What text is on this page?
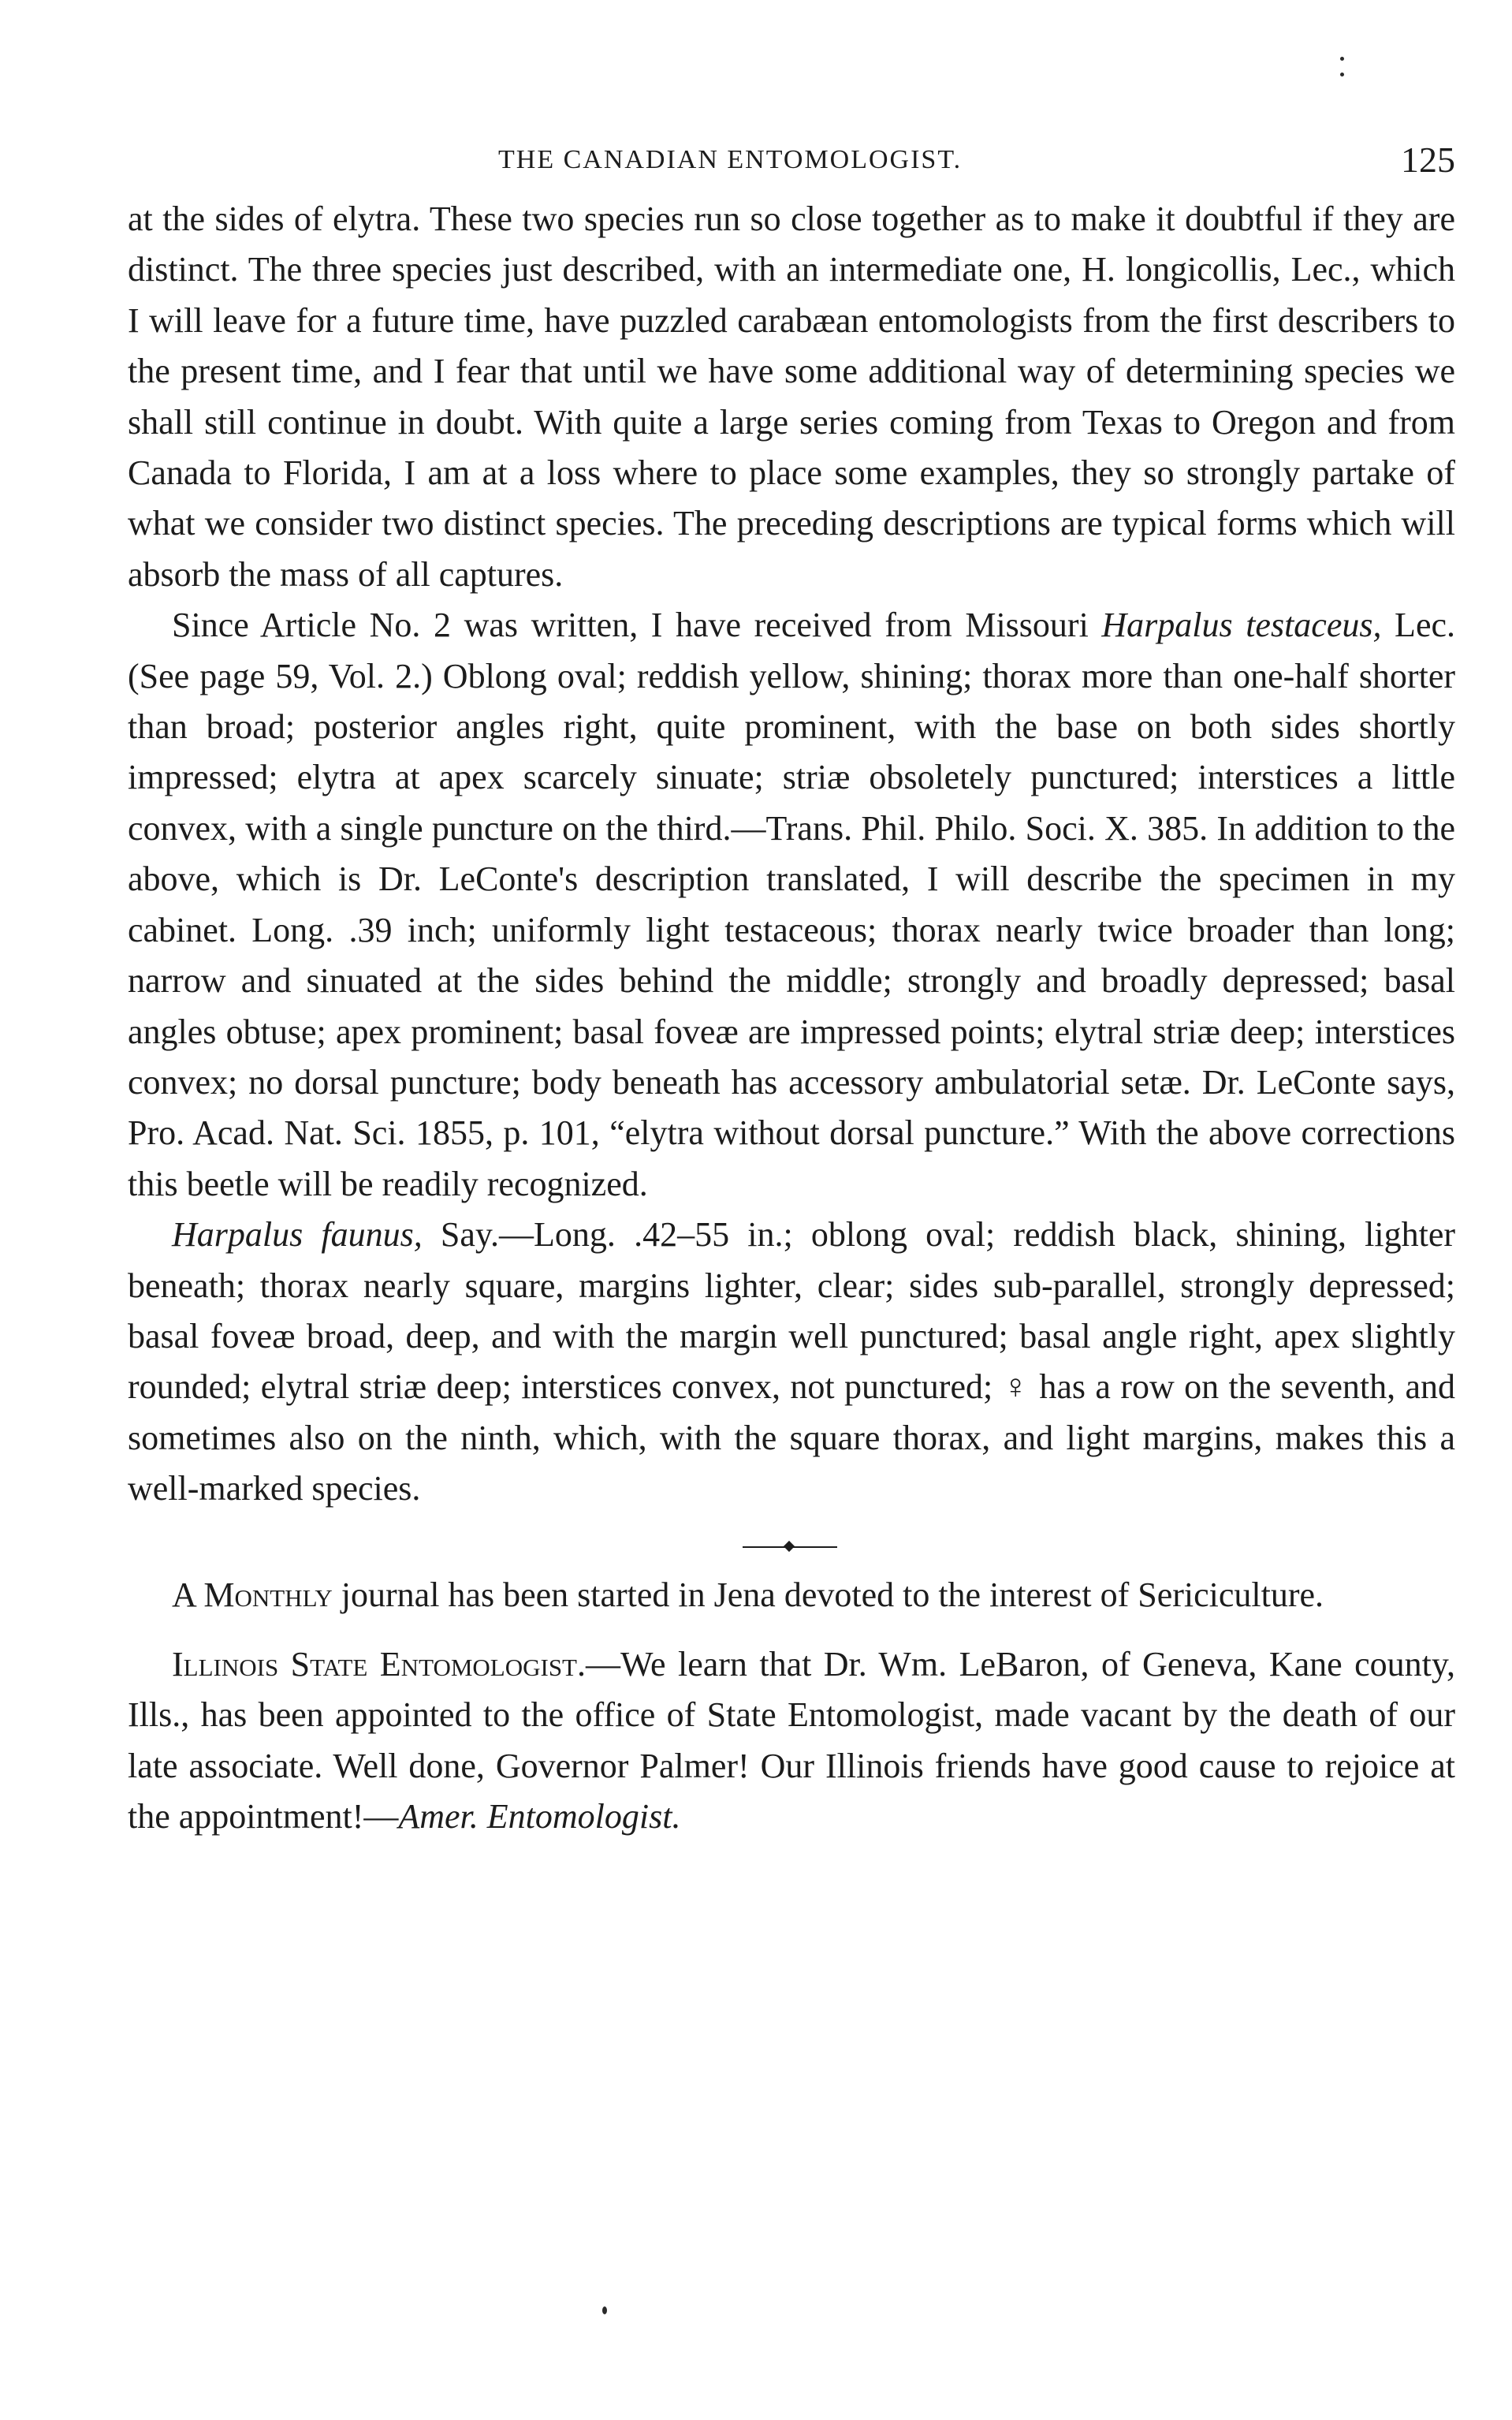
THE CANADIAN ENTOMOLOGIST.	125

at the sides of elytra. These two species run so close together as to make it doubtful if they are distinct. The three species just described, with an intermediate one, H. longicollis, Lec., which I will leave for a future time, have puzzled carabæan entomologists from the first describers to the present time, and I fear that until we have some additional way of determining species we shall still continue in doubt. With quite a large series coming from Texas to Oregon and from Canada to Florida, I am at a loss where to place some examples, they so strongly partake of what we consider two distinct species. The preceding descriptions are typical forms which will absorb the mass of all captures.

Since Article No. 2 was written, I have received from Missouri Harpalus testaceus, Lec. (See page 59, Vol. 2.) Oblong oval; reddish yellow, shining; thorax more than one-half shorter than broad; posterior angles right, quite prominent, with the base on both sides shortly impressed; elytra at apex scarcely sinuate; striæ obsoletely punctured; interstices a little convex, with a single puncture on the third.—Trans. Phil. Philo. Soci. X. 385. In addition to the above, which is Dr. LeConte's description translated, I will describe the specimen in my cabinet. Long. .39 inch; uniformly light testaceous; thorax nearly twice broader than long; narrow and sinuated at the sides behind the middle; strongly and broadly depressed; basal angles obtuse; apex prominent; basal foveæ are impressed points; elytral striæ deep; interstices convex; no dorsal puncture; body beneath has accessory ambulatorial setæ. Dr. LeConte says, Pro. Acad. Nat. Sci. 1855, p. 101, “elytra without dorsal puncture.” With the above corrections this beetle will be readily recognized.

Harpalus faunus, Say.—Long. .42–55 in.; oblong oval; reddish black, shining, lighter beneath; thorax nearly square, margins lighter, clear; sides sub-parallel, strongly depressed; basal foveæ broad, deep, and with the margin well punctured; basal angle right, apex slightly rounded; elytral striæ deep; interstices convex, not punctured; ♀ has a row on the seventh, and sometimes also on the ninth, which, with the square thorax, and light margins, makes this a well-marked species.

A Monthly journal has been started in Jena devoted to the interest of Sericiculture.

Illinois State Entomologist.—We learn that Dr. Wm. LeBaron, of Geneva, Kane county, Ills., has been appointed to the office of State Entomologist, made vacant by the death of our late associate. Well done, Governor Palmer! Our Illinois friends have good cause to rejoice at the appointment!—Amer. Entomologist.
